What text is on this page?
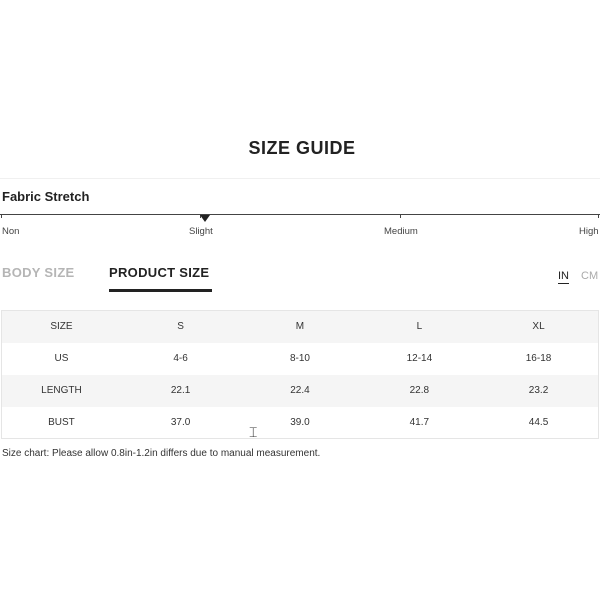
SIZE GUIDE
Fabric Stretch
Non	Slight	Medium	High
BODY SIZE	PRODUCT SIZE	IN CM
SIZE	S	M	L	XL
US	4-6	8-10	12-14	16-18
LENGTH	22.1	22.4	22.8	23.2
BUST	37.0	39.0	41.7	44.5
⌶
Size chart: Please allow 0.8in-1.2in differs due to manual measurement.
